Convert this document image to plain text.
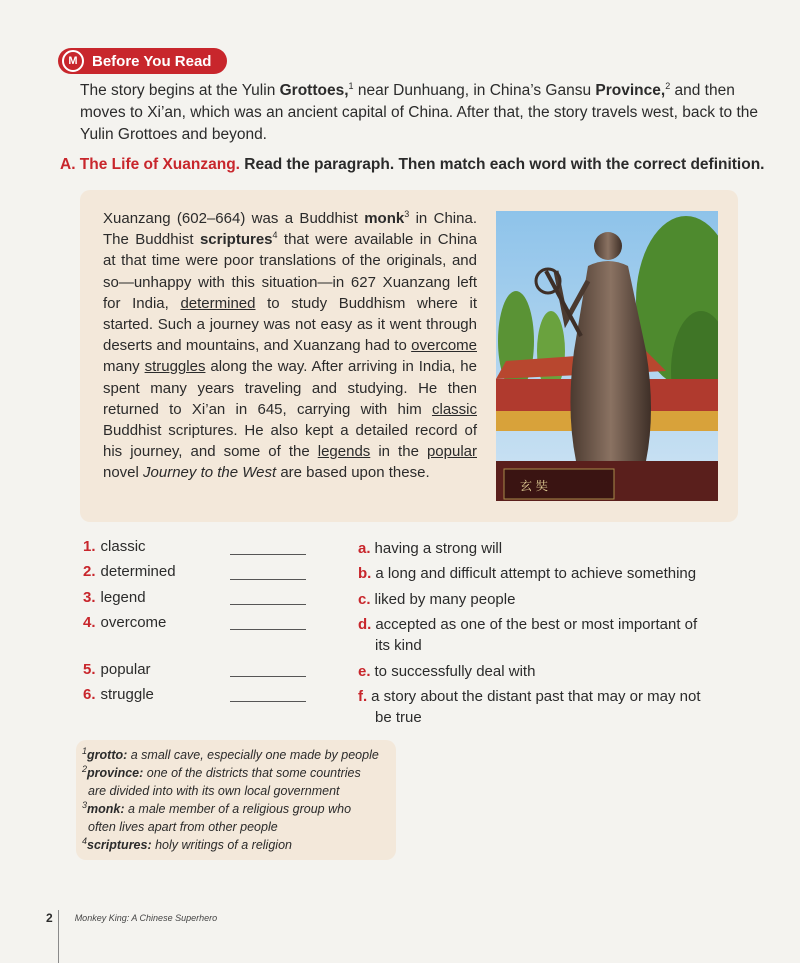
M Before You Read
The story begins at the Yulin Grottoes,$^1$ near Dunhuang, in China’s Gansu Province,$^2$ and then moves to Xi’an, which was an ancient capital of China. After that, the story travels west, back to the Yulin Grottoes and beyond.
A. The Life of Xuanzang. Read the paragraph. Then match each word with the correct definition.
Xuanzang (602–664) was a Buddhist monk$^3$ in China. The Buddhist scriptures$^4$ that were available in China at that time were poor translations of the originals, and so—unhappy with this situation—in 627 Xuanzang left for India, determined to study Buddhism where it started. Such a journey was not easy as it went through deserts and mountains, and Xuanzang had to overcome many struggles along the way. After arriving in India, he spent many years traveling and studying. He then returned to Xi’an in 645, carrying with him classic Buddhist scriptures. He also kept a detailed record of his journey, and some of the legends in the popular novel Journey to the West are based upon these.
玄 奘
1. classic
2. determined
3. legend
4. overcome
5. popular
6. struggle
a. having a strong will
b. a long and difficult attempt to achieve something
c. liked by many people
d. accepted as one of the best or most important of
its kind
e. to successfully deal with
f. a story about the distant past that may or may not
be true
$^1$grotto: a small cave, especially one made by people
$^2$province: one of the districts that some countries
are divided into with its own local government
$^3$monk: a male member of a religious group who
often lives apart from other people
$^4$scriptures: holy writings of a religion
2 Monkey King: A Chinese Superhero
